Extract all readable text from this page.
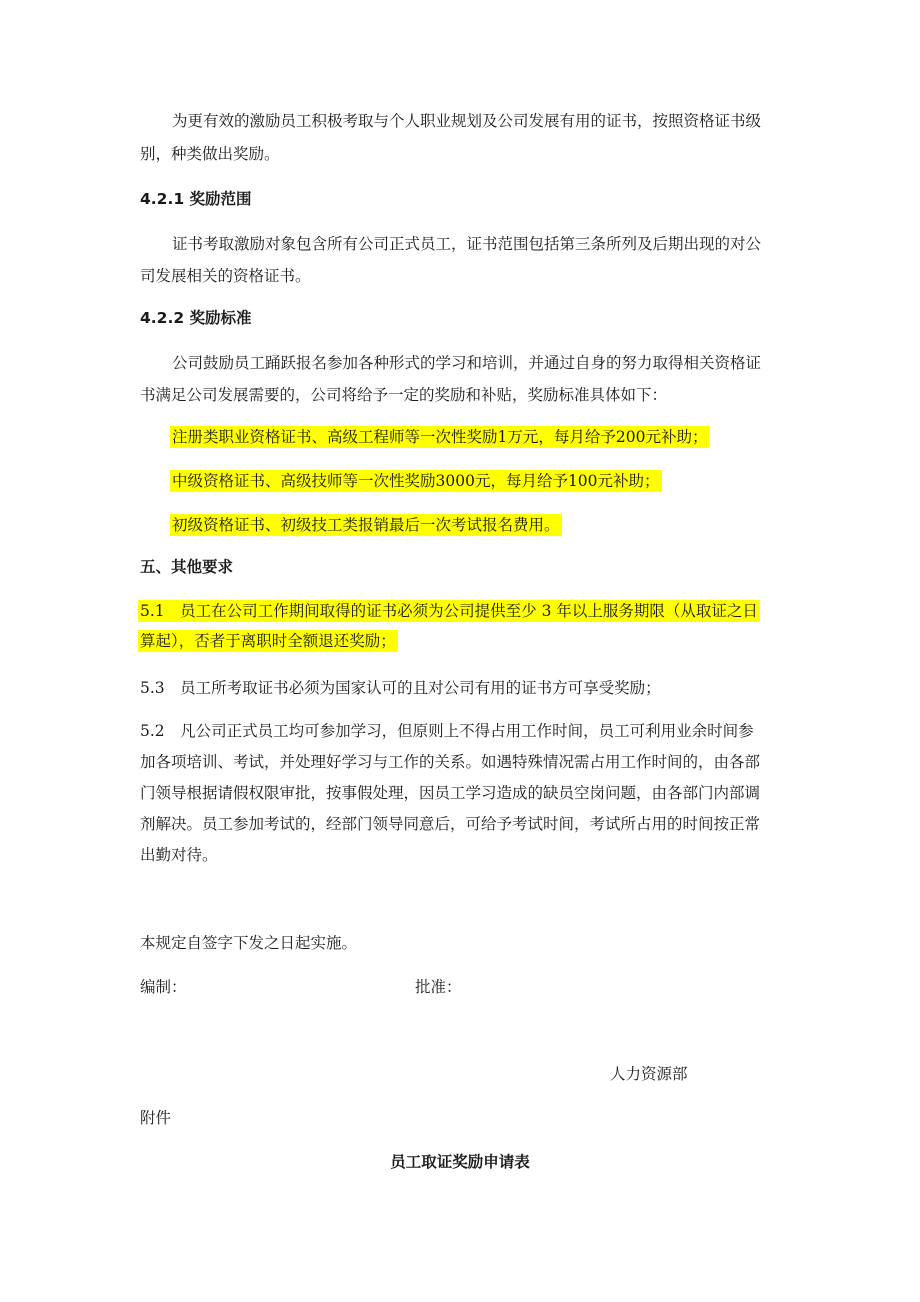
为更有效的激励员工积极考取与个人职业规划及公司发展有用的证书，按照资格证书级
别，种类做出奖励。
4.2.1 奖励范围
证书考取激励对象包含所有公司正式员工，证书范围包括第三条所列及后期出现的对公
司发展相关的资格证书。
4.2.2 奖励标准
公司鼓励员工踊跃报名参加各种形式的学习和培训，并通过自身的努力取得相关资格证
书满足公司发展需要的，公司将给予一定的奖励和补贴，奖励标准具体如下：
注册类职业资格证书、高级工程师等一次性奖励1万元，每月给予200元补助；
中级资格证书、高级技师等一次性奖励3000元，每月给予100元补助；
初级资格证书、初级技工类报销最后一次考试报名费用。
五、其他要求
5.1　员工在公司工作期间取得的证书必须为公司提供至少 3 年以上服务期限（从取证之日
算起），否者于离职时全额退还奖励；
5.3　员工所考取证书必须为国家认可的且对公司有用的证书方可享受奖励；
5.2　凡公司正式员工均可参加学习，但原则上不得占用工作时间，员工可利用业余时间参
加各项培训、考试，并处理好学习与工作的关系。如遇特殊情况需占用工作时间的，由各部
门领导根据请假权限审批，按事假处理，因员工学习造成的缺员空岗问题，由各部门内部调
剂解决。员工参加考试的，经部门领导同意后，可给予考试时间，考试所占用的时间按正常
出勤对待。
本规定自签字下发之日起实施。
编制：	批准：
人力资源部
附件
员工取证奖励申请表
